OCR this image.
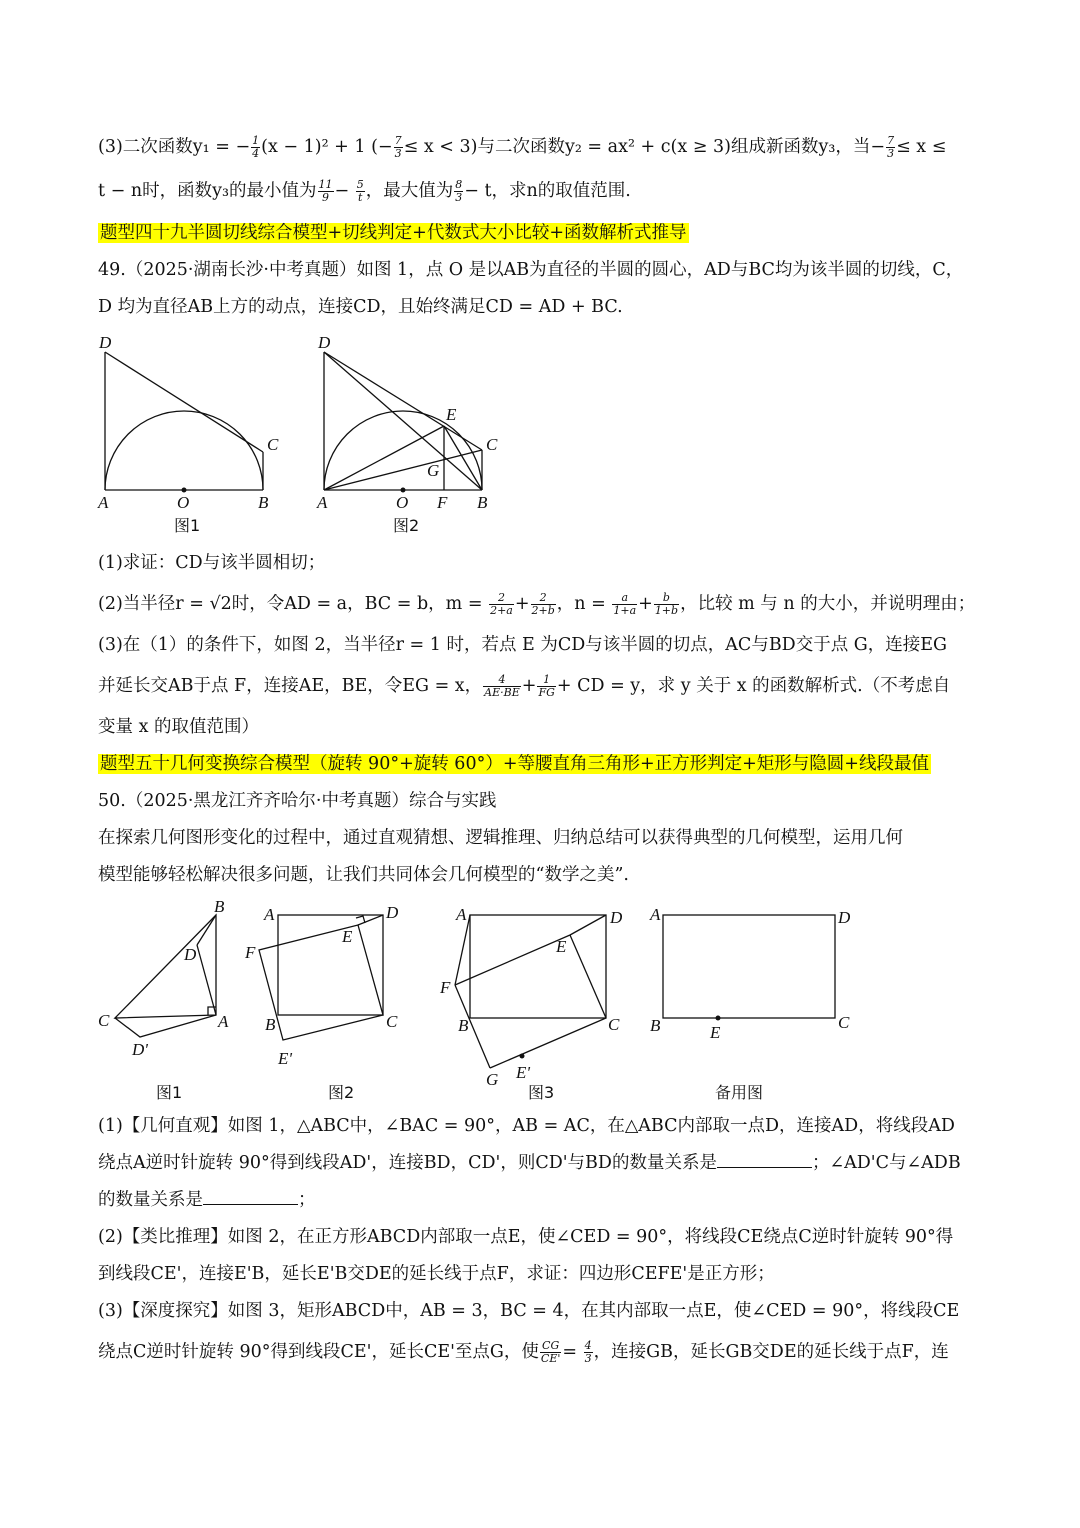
(3)二次函数y₁ = − $\frac{1}{4} (x - 1)^2 + 1$ (− $\frac{7}{3} \le x < 3$)与二次函数y₂ = ax² + c(x ≥ 3)组成新函数y₃，当− $\frac{7}{3} \le x$ ≤
t − n时，函数y₃的最小值为 $\frac{11}{9} - \frac{5}{t}$ ，最大值为 $\frac{8}{3} - t$，求n的取值范围.
题型四十九半圆切线综合模型+切线判定+代数式大小比较+函数解析式推导
49.（2025·湖南长沙·中考真题）如图 1，点 O 是以AB为直径的半圆的圆心，AD与BC均为该半圆的切线，C，
D 均为直径AB上方的动点，连接CD，且始终满足CD = AD + BC.
(1)求证：CD与该半圆相切；
(2)当半径r = √2时，令AD = a，BC = b，$m = \frac{2}{2+a} + \frac{2}{2+b}$ ，$n = \frac{a}{1+a} + \frac{b}{1+b}$ ，比较 m 与 n 的大小，并说明理由；
(3)在（1）的条件下，如图 2，当半径r = 1 时，若点 E 为CD与该半圆的切点，AC与BD交于点 G，连接EG
并延长交AB于点 F，连接AE，BE，令EG = x， $\frac{4}{AE\cdot BE} + \frac{1}{FG}$ + CD = y，求 y 关于 x 的函数解析式.（不考虑自
变量 x 的取值范围）
题型五十几何变换综合模型（旋转 90°+旋转 60°）+等腰直角三角形+正方形判定+矩形与隐圆+线段最值
50.（2025·黑龙江齐齐哈尔·中考真题）综合与实践
在探索几何图形变化的过程中，通过直观猜想、逻辑推理、归纳总结可以获得典型的几何模型，运用几何
模型能够轻松解决很多问题，让我们共同体会几何模型的“数学之美”.
(1)【几何直观】如图 1，△ABC中，∠BAC = 90°，AB = AC，在△ABC内部取一点D，连接AD，将线段AD
绕点A逆时针旋转 90°得到线段AD'，连接BD，CD'，则CD'与BD的数量关系是	；∠AD'C与∠ADB
的数量关系是	；
(2)【类比推理】如图 2，在正方形ABCD内部取一点E，使∠CED = 90°，将线段CE绕点C逆时针旋转 90°得
到线段CE'，连接E'B，延长E'B交DE的延长线于点F，求证：四边形CEFE'是正方形；
(3)【深度探究】如图 3，矩形ABCD中，AB = 3，BC = 4，在其内部取一点E，使∠CED = 90°，将线段CE
绕点C逆时针旋转 90°得到线段CE'，延长CE'至点G，使 $\frac{CG}{CE'} = \frac{4}{3}$ ，连接GB，延长GB交DE的延长线于点F，连
D
C
A	O	B
图1
D
E
C
G
A	O F B
图2
B
D
C	A
D'
图1
A	D
E
F
B	C
E'
图2
A	D
E
F
B	C
G E'
图3
A	D
B	E
C
备用图
